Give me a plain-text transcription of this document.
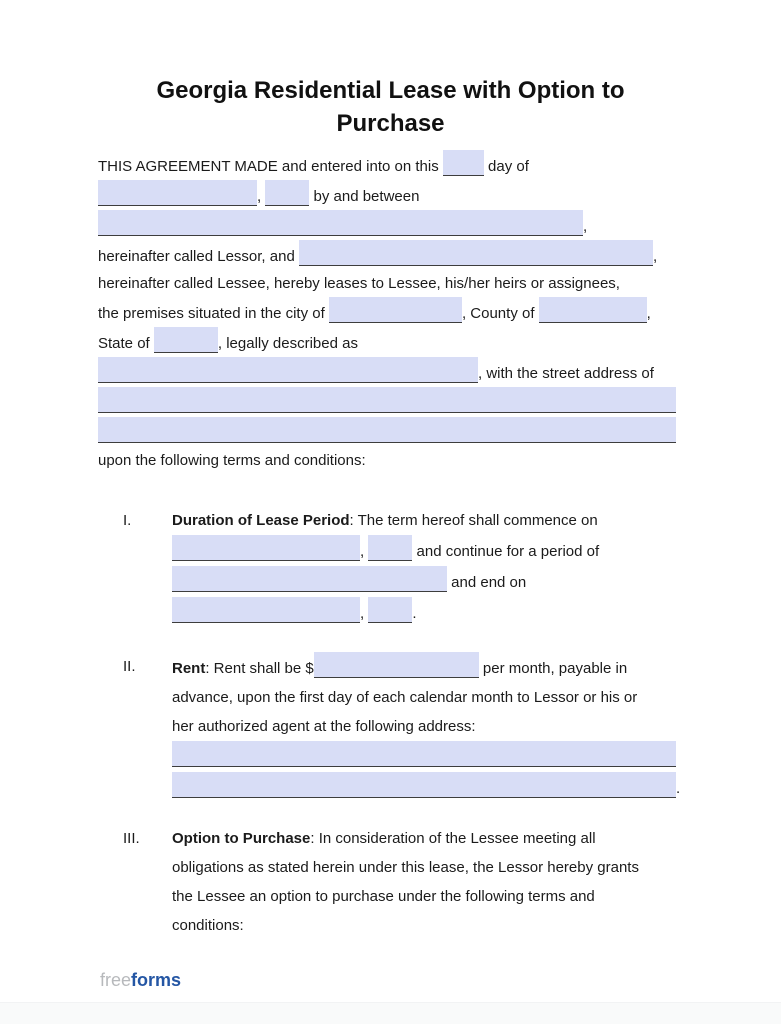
Georgia Residential Lease with Option to
Purchase
THIS AGREEMENT MADE and entered into on this	day of
,	by and between
,
hereinafter called Lessor, and	,
hereinafter called Lessee, hereby leases to Lessee, his/her heirs or assignees,
the premises situated in the city of	, County of	,
State of	, legally described as
, with the street address of
upon the following terms and conditions:
I.	Duration of Lease Period: The term hereof shall commence on
,	and continue for a period of
and end on
,	.
II.	Rent: Rent shall be $	per month, payable in
advance, upon the first day of each calendar month to Lessor or his or
her authorized agent at the following address:
.
III.	Option to Purchase: In consideration of the Lessee meeting all
obligations as stated herein under this lease, the Lessor hereby grants
the Lessee an option to purchase under the following terms and
conditions:
freeforms
